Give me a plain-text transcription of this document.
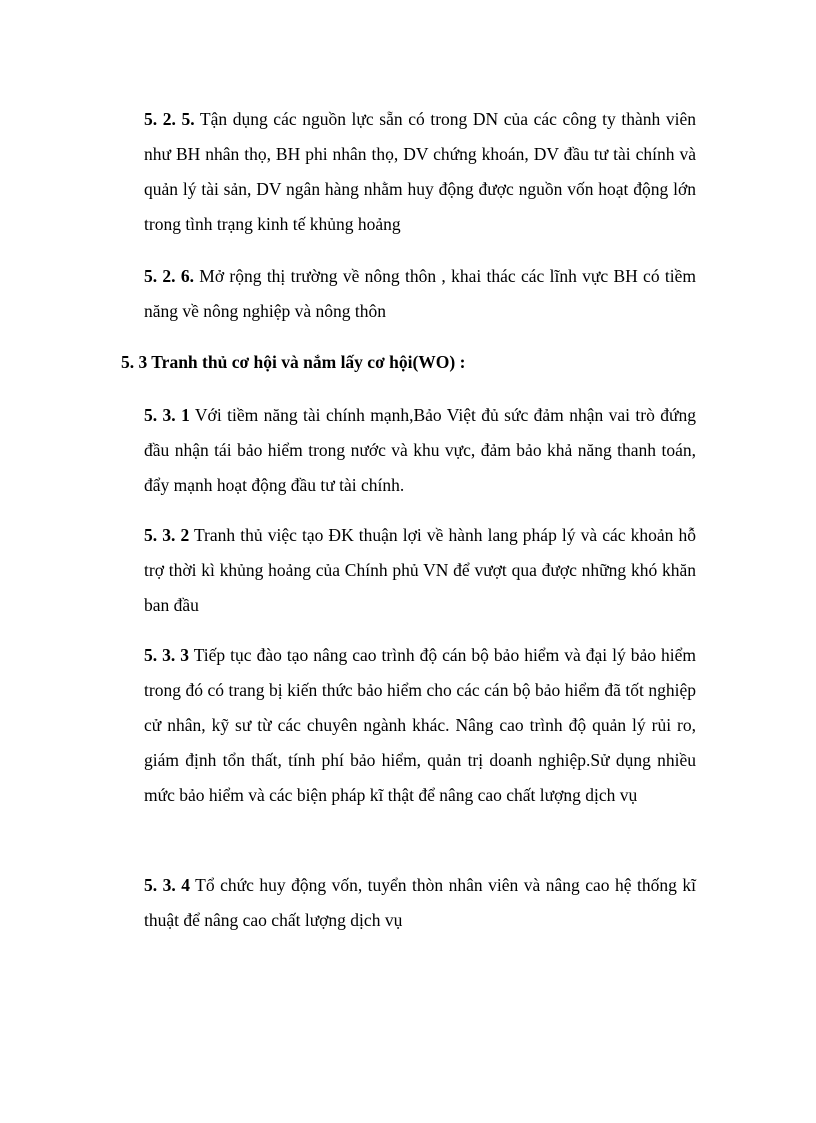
5. 2. 5. Tận dụng các nguồn lực sẵn có trong DN của các công ty thành viên như BH nhân thọ, BH phi nhân thọ, DV chứng khoán, DV đầu tư tài chính và quản lý tài sản, DV ngân hàng nhằm huy động được nguồn vốn hoạt động lớn trong tình trạng kinh tế khủng hoảng

5. 2. 6. Mở rộng thị trường về nông thôn , khai thác các lĩnh vực BH có tiềm năng về nông nghiệp và nông thôn

5. 3 Tranh thủ cơ hội và nắm lấy cơ hội(WO) :

5. 3. 1 Với tiềm năng tài chính mạnh,Bảo Việt đủ sức đảm nhận vai trò đứng đầu nhận tái bảo hiểm trong nước và khu vực, đảm bảo khả năng thanh toán, đẩy mạnh hoạt động đầu tư tài chính.

5. 3. 2 Tranh thủ việc tạo ĐK thuận lợi về hành lang pháp lý và các khoản hỗ trợ thời kì khủng hoảng của Chính phủ VN để vượt qua được những khó khăn ban đầu

5. 3. 3 Tiếp tục đào tạo nâng cao trình độ cán bộ bảo hiểm và đại lý bảo hiểm trong đó có trang bị kiến thức bảo hiểm cho các cán bộ bảo hiểm đã tốt nghiệp cử nhân, kỹ sư từ các chuyên ngành khác. Nâng cao trình độ quản lý rủi ro, giám định tổn thất, tính phí bảo hiểm, quản trị doanh nghiệp.Sử dụng nhiều mức bảo hiểm và các biện pháp kĩ thật để nâng cao chất lượng dịch vụ

5. 3. 4 Tổ chức huy động vốn, tuyển thòn nhân viên và nâng cao hệ thống kĩ thuật để nâng cao chất lượng dịch vụ
